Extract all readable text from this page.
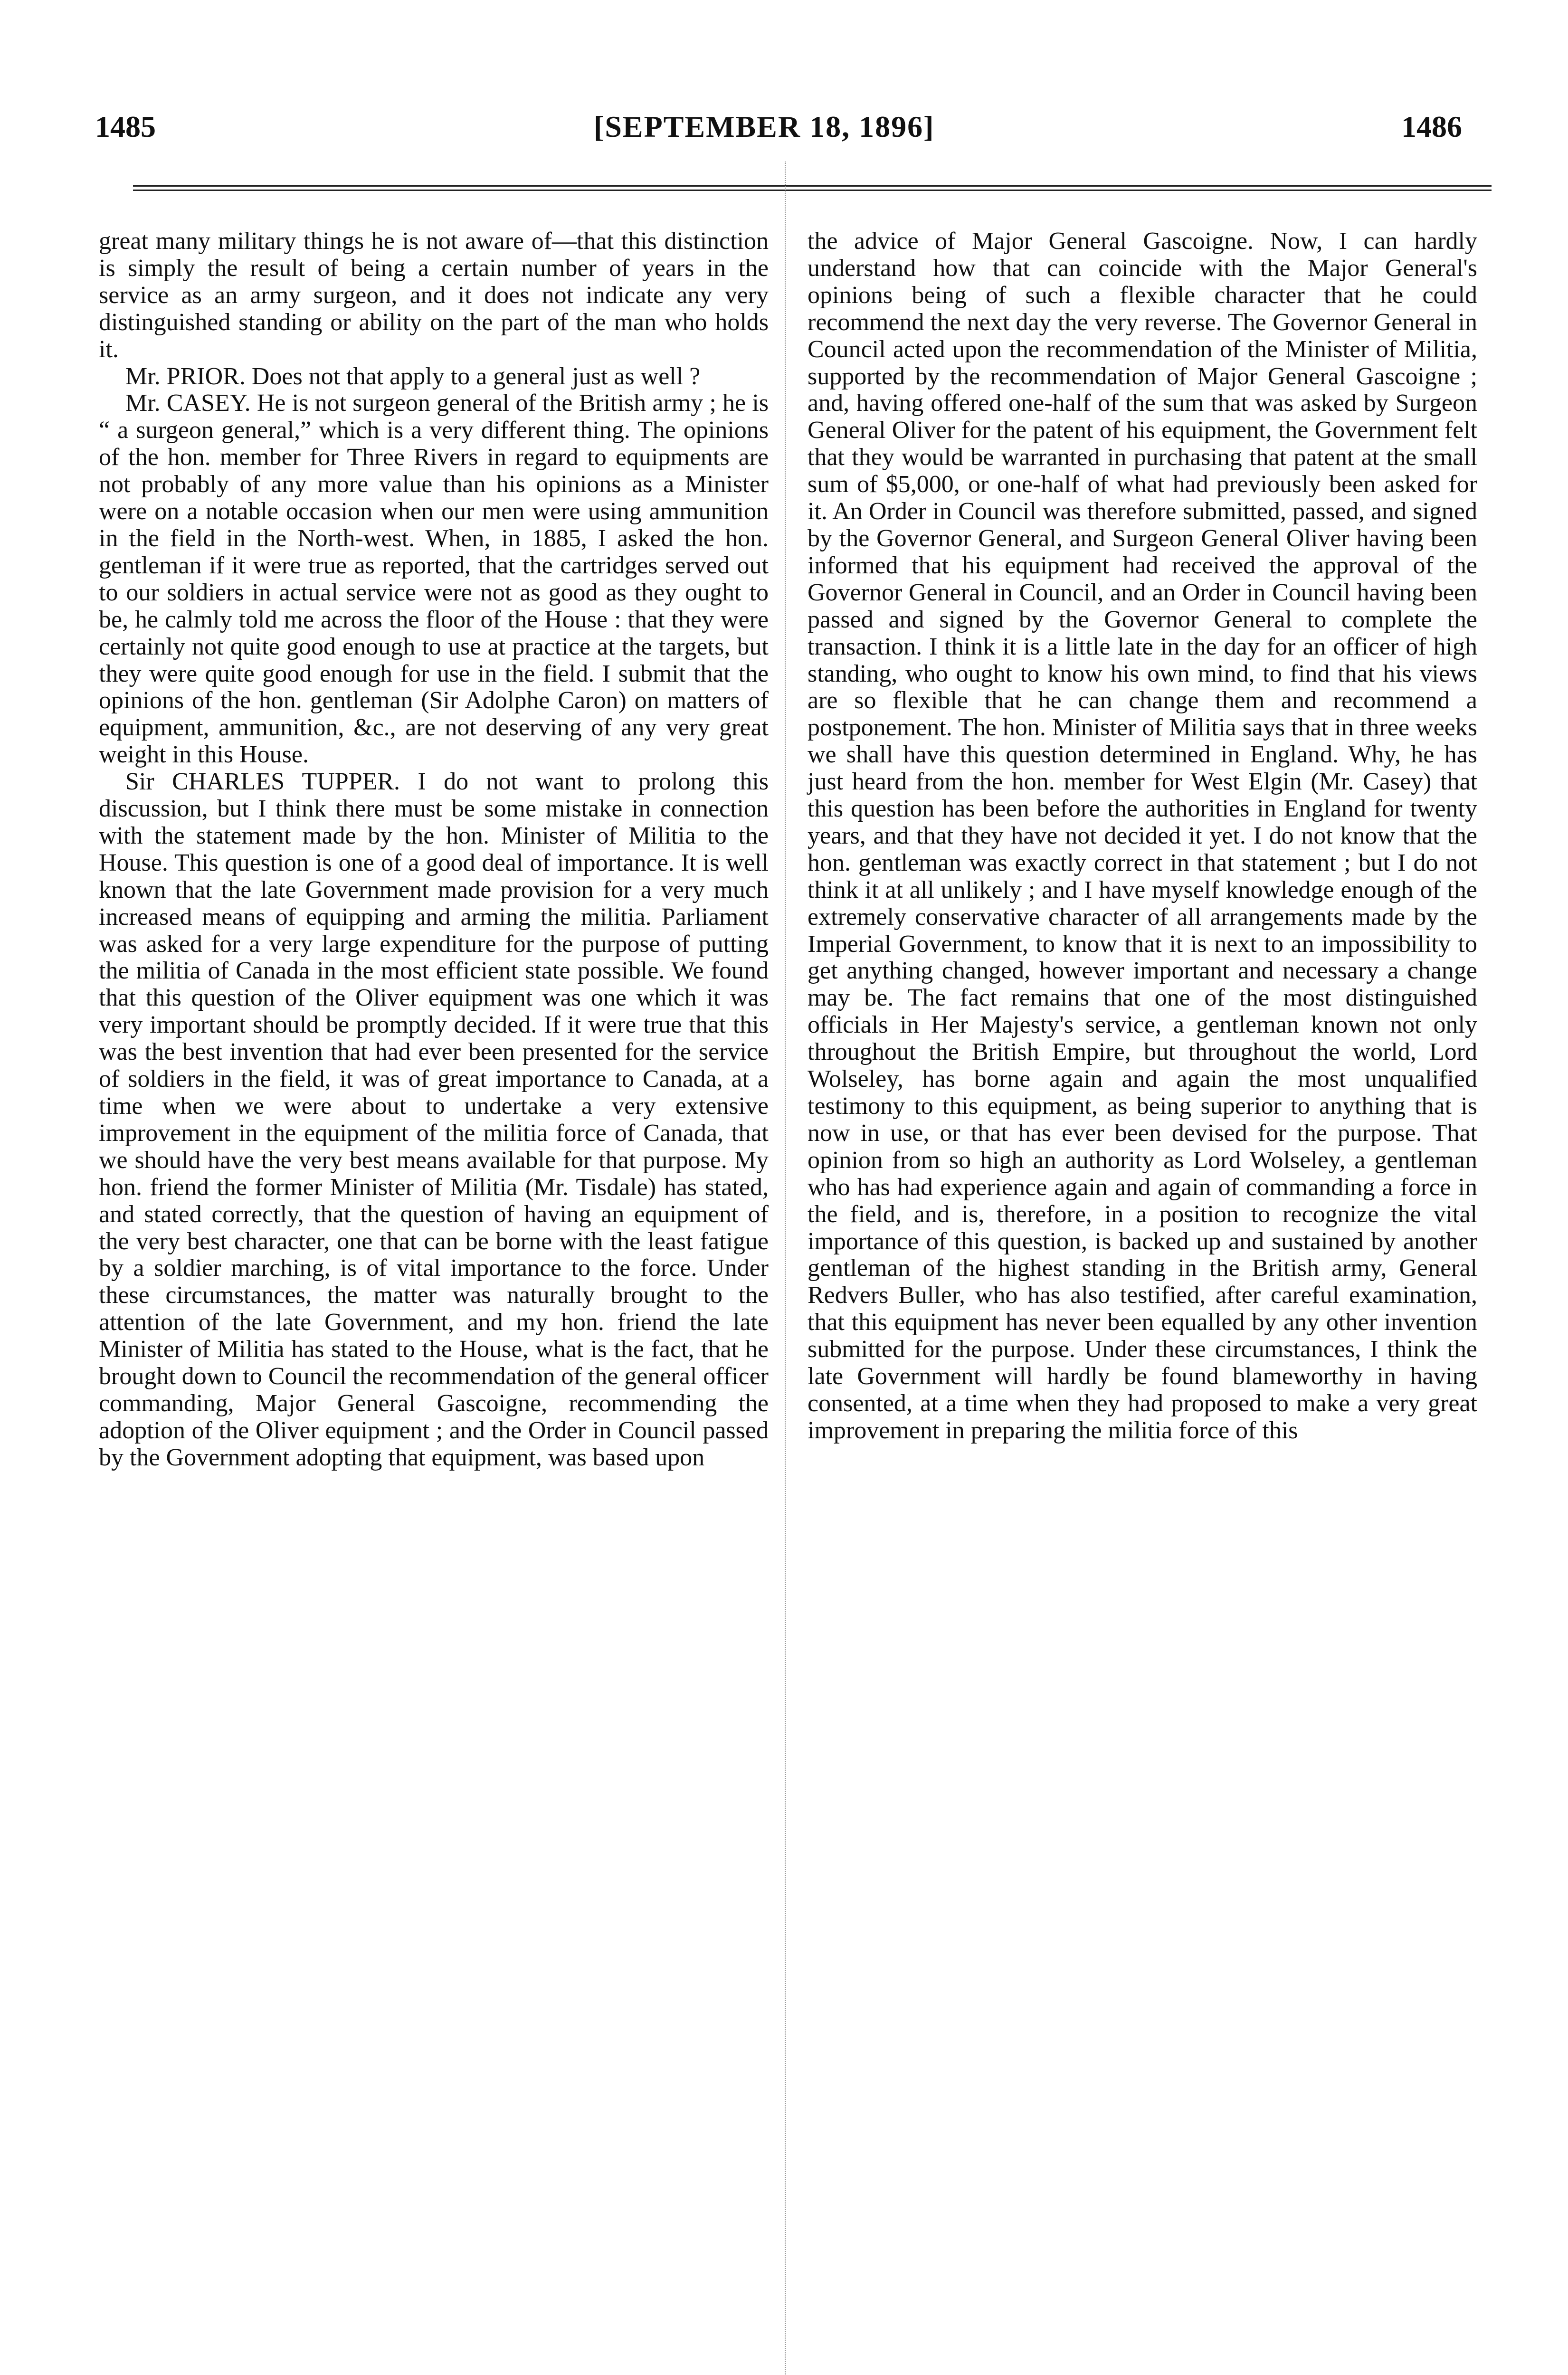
1485	[SEPTEMBER 18, 1896]	1486

great many military things he is not aware of—that this distinction is simply the result of being a certain number of years in the service as an army surgeon, and it does not indicate any very distinguished standing or ability on the part of the man who holds it.

Mr. PRIOR. Does not that apply to a general just as well ?

Mr. CASEY. He is not surgeon general of the British army ; he is “ a surgeon general,” which is a very different thing. The opinions of the hon. member for Three Rivers in regard to equipments are not probably of any more value than his opinions as a Minister were on a notable occasion when our men were using ammunition in the field in the North-west. When, in 1885, I asked the hon. gentleman if it were true as reported, that the cartridges served out to our soldiers in actual service were not as good as they ought to be, he calmly told me across the floor of the House : that they were certainly not quite good enough to use at practice at the targets, but they were quite good enough for use in the field. I submit that the opinions of the hon. gentleman (Sir Adolphe Caron) on matters of equipment, ammunition, &c., are not deserving of any very great weight in this House.

Sir CHARLES TUPPER. I do not want to prolong this discussion, but I think there must be some mistake in connection with the statement made by the hon. Minister of Militia to the House. This question is one of a good deal of importance. It is well known that the late Government made provision for a very much increased means of equipping and arming the militia. Parliament was asked for a very large expenditure for the purpose of putting the militia of Canada in the most efficient state possible. We found that this question of the Oliver equipment was one which it was very important should be promptly decided. If it were true that this was the best invention that had ever been presented for the service of soldiers in the field, it was of great importance to Canada, at a time when we were about to undertake a very extensive improvement in the equipment of the militia force of Canada, that we should have the very best means available for that purpose. My hon. friend the former Minister of Militia (Mr. Tisdale) has stated, and stated correctly, that the question of having an equipment of the very best character, one that can be borne with the least fatigue by a soldier marching, is of vital importance to the force. Under these circumstances, the matter was naturally brought to the attention of the late Government, and my hon. friend the late Minister of Militia has stated to the House, what is the fact, that he brought down to Council the recommendation of the general officer commanding, Major General Gascoigne, recommending the adoption of the Oliver equipment ; and the Order in Council passed by the Government adopting that equipment, was based upon

the advice of Major General Gascoigne. Now, I can hardly understand how that can coincide with the Major General's opinions being of such a flexible character that he could recommend the next day the very reverse. The Governor General in Council acted upon the recommendation of the Minister of Militia, supported by the recommendation of Major General Gascoigne ; and, having offered one-half of the sum that was asked by Surgeon General Oliver for the patent of his equipment, the Government felt that they would be warranted in purchasing that patent at the small sum of $5,000, or one-half of what had previously been asked for it. An Order in Council was therefore submitted, passed, and signed by the Governor General, and Surgeon General Oliver having been informed that his equipment had received the approval of the Governor General in Council, and an Order in Council having been passed and signed by the Governor General to complete the transaction. I think it is a little late in the day for an officer of high standing, who ought to know his own mind, to find that his views are so flexible that he can change them and recommend a postponement. The hon. Minister of Militia says that in three weeks we shall have this question determined in England. Why, he has just heard from the hon. member for West Elgin (Mr. Casey) that this question has been before the authorities in England for twenty years, and that they have not decided it yet. I do not know that the hon. gentleman was exactly correct in that statement ; but I do not think it at all unlikely ; and I have myself knowledge enough of the extremely conservative character of all arrangements made by the Imperial Government, to know that it is next to an impossibility to get anything changed, however important and necessary a change may be. The fact remains that one of the most distinguished officials in Her Majesty's service, a gentleman known not only throughout the British Empire, but throughout the world, Lord Wolseley, has borne again and again the most unqualified testimony to this equipment, as being superior to anything that is now in use, or that has ever been devised for the purpose. That opinion from so high an authority as Lord Wolseley, a gentleman who has had experience again and again of commanding a force in the field, and is, therefore, in a position to recognize the vital importance of this question, is backed up and sustained by another gentleman of the highest standing in the British army, General Redvers Buller, who has also testified, after careful examination, that this equipment has never been equalled by any other invention submitted for the purpose. Under these circumstances, I think the late Government will hardly be found blameworthy in having consented, at a time when they had proposed to make a very great improvement in preparing the militia force of this
